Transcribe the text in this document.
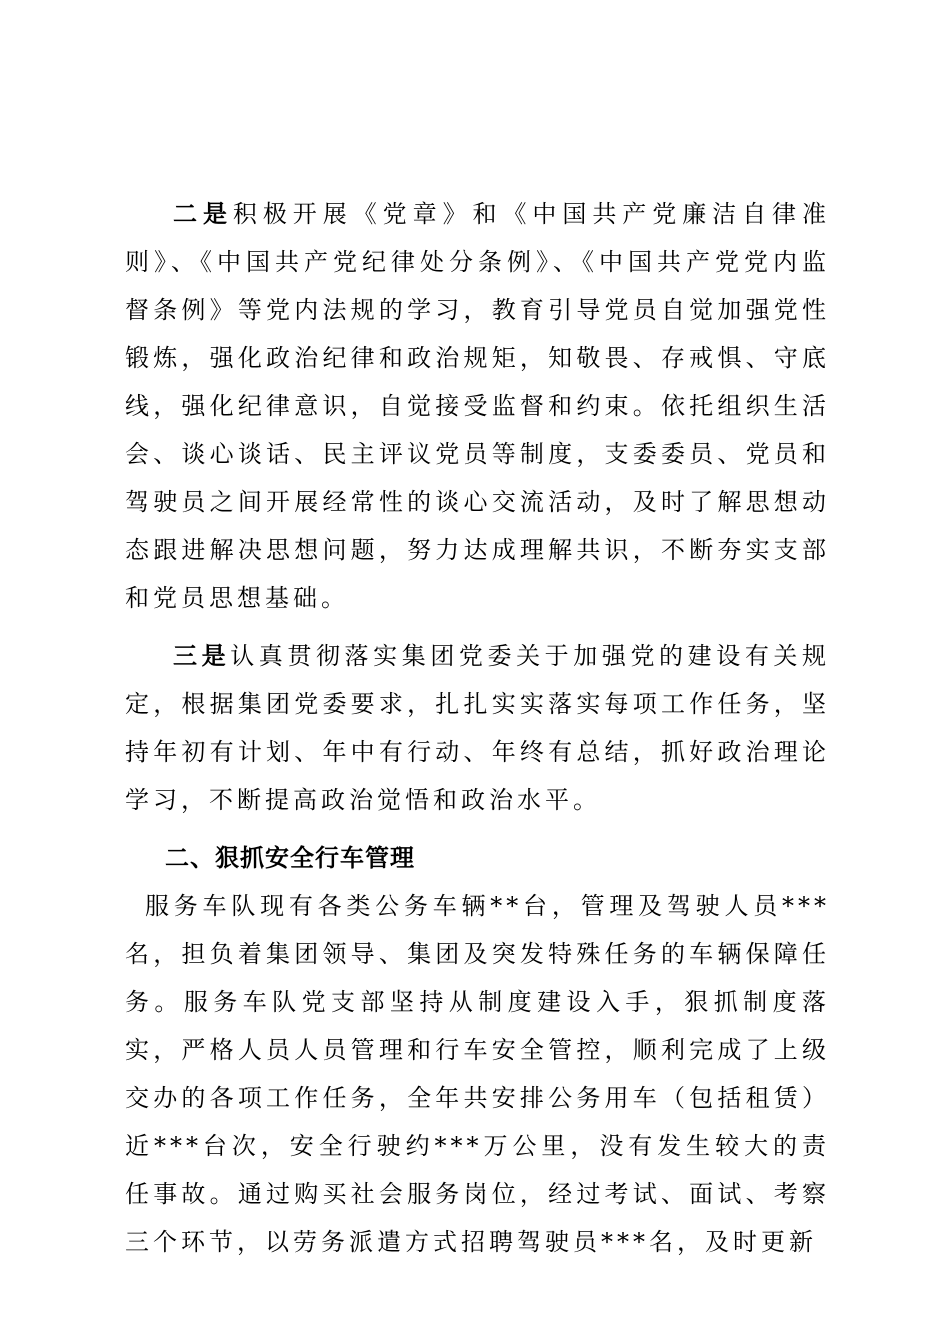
二是积极开展《党章》和《中国共产党廉洁自律准则》、《中国共产党纪律处分条例》、《中国共产党党内监督条例》等党内法规的学习，教育引导党员自觉加强党性锻炼，强化政治纪律和政治规矩，知敬畏、存戒惧、守底线，强化纪律意识，自觉接受监督和约束。依托组织生活会、谈心谈话、民主评议党员等制度，支委委员、党员和驾驶员之间开展经常性的谈心交流活动，及时了解思想动态跟进解决思想问题，努力达成理解共识，不断夯实支部和党员思想基础。

三是认真贯彻落实集团党委关于加强党的建设有关规定，根据集团党委要求，扎扎实实落实每项工作任务，坚持年初有计划、年中有行动、年终有总结，抓好政治理论学习，不断提高政治觉悟和政治水平。

二、狠抓安全行车管理

服务车队现有各类公务车辆**台，管理及驾驶人员***名，担负着集团领导、集团及突发特殊任务的车辆保障任务。服务车队党支部坚持从制度建设入手，狠抓制度落实，严格人员人员管理和行车安全管控，顺利完成了上级交办的各项工作任务，全年共安排公务用车（包括租赁）近***台次，安全行驶约***万公里，没有发生较大的责任事故。通过购买社会服务岗位，经过考试、面试、考察三个环节，以劳务派遣方式招聘驾驶员***名，及时更新
